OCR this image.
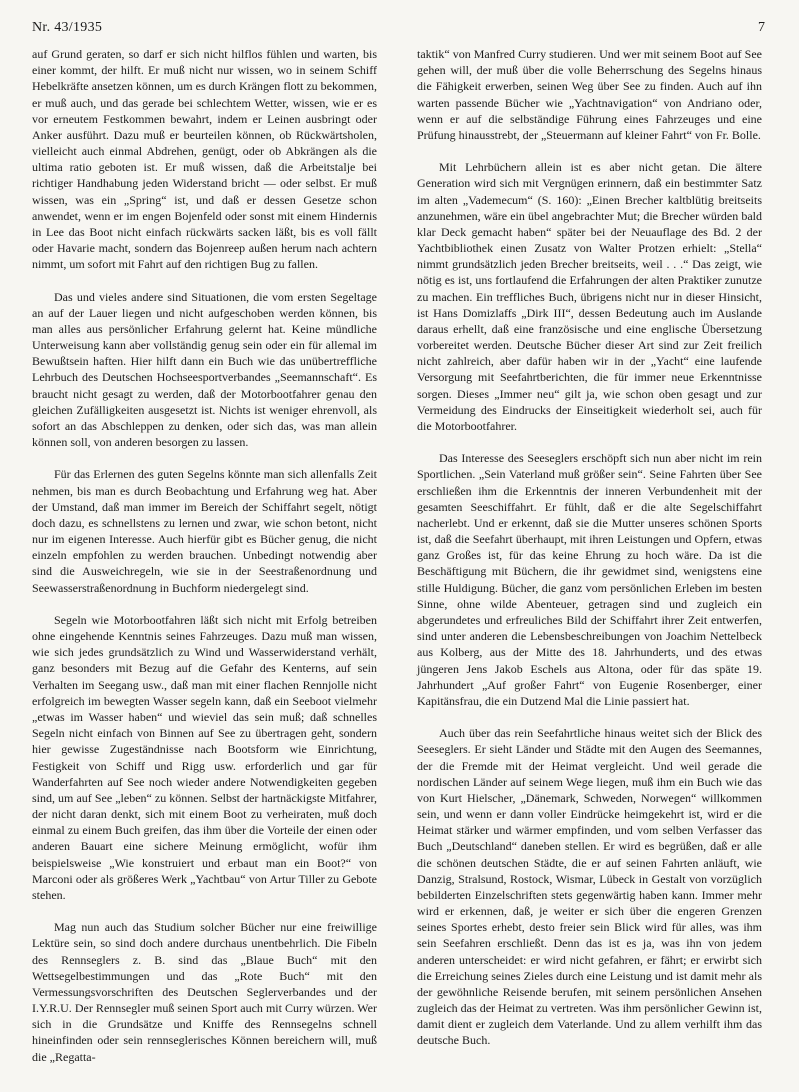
Nr. 43/1935	7

auf Grund geraten, so darf er sich nicht hilflos fühlen und warten, bis einer kommt, der hilft. Er muß nicht nur wissen, wo in seinem Schiff Hebelkräfte ansetzen können, um es durch Krängen flott zu bekommen, er muß auch, und das gerade bei schlechtem Wetter, wissen, wie er es vor erneutem Festkommen bewahrt, indem er Leinen ausbringt oder Anker ausführt. Dazu muß er beurteilen können, ob Rückwärtsholen, vielleicht auch einmal Abdrehen, genügt, oder ob Abkrängen als die ultima ratio geboten ist. Er muß wissen, daß die Arbeitstalje bei richtiger Handhabung jeden Widerstand bricht — oder selbst. Er muß wissen, was ein „Spring“ ist, und daß er dessen Gesetze schon anwendet, wenn er im engen Bojenfeld oder sonst mit einem Hindernis in Lee das Boot nicht einfach rückwärts sacken läßt, bis es voll fällt oder Havarie macht, sondern das Bojenreep außen herum nach achtern nimmt, um sofort mit Fahrt auf den richtigen Bug zu fallen.

Das und vieles andere sind Situationen, die vom ersten Segeltage an auf der Lauer liegen und nicht aufgeschoben werden können, bis man alles aus persönlicher Erfahrung gelernt hat. Keine mündliche Unterweisung kann aber vollständig genug sein oder ein für allemal im Bewußtsein haften. Hier hilft dann ein Buch wie das unübertreffliche Lehrbuch des Deutschen Hochseesportverbandes „Seemannschaft“. Es braucht nicht gesagt zu werden, daß der Motorbootfahrer genau den gleichen Zufälligkeiten ausgesetzt ist. Nichts ist weniger ehrenvoll, als sofort an das Abschleppen zu denken, oder sich das, was man allein können soll, von anderen besorgen zu lassen.

Für das Erlernen des guten Segelns könnte man sich allenfalls Zeit nehmen, bis man es durch Beobachtung und Erfahrung weg hat. Aber der Umstand, daß man immer im Bereich der Schiffahrt segelt, nötigt doch dazu, es schnellstens zu lernen und zwar, wie schon betont, nicht nur im eigenen Interesse. Auch hierfür gibt es Bücher genug, die nicht einzeln empfohlen zu werden brauchen. Unbedingt notwendig aber sind die Ausweichregeln, wie sie in der Seestraßenordnung und Seewasserstraßenordnung in Buchform niedergelegt sind.

Segeln wie Motorbootfahren läßt sich nicht mit Erfolg betreiben ohne eingehende Kenntnis seines Fahrzeuges. Dazu muß man wissen, wie sich jedes grundsätzlich zu Wind und Wasserwiderstand verhält, ganz besonders mit Bezug auf die Gefahr des Kenterns, auf sein Verhalten im Seegang usw., daß man mit einer flachen Rennjolle nicht erfolgreich im bewegten Wasser segeln kann, daß ein Seeboot vielmehr „etwas im Wasser haben“ und wieviel das sein muß; daß schnelles Segeln nicht einfach von Binnen auf See zu übertragen geht, sondern hier gewisse Zugeständnisse nach Bootsform wie Einrichtung, Festigkeit von Schiff und Rigg usw. erforderlich und gar für Wanderfahrten auf See noch wieder andere Notwendigkeiten gegeben sind, um auf See „leben“ zu können. Selbst der hartnäckigste Mitfahrer, der nicht daran denkt, sich mit einem Boot zu verheiraten, muß doch einmal zu einem Buch greifen, das ihm über die Vorteile der einen oder anderen Bauart eine sichere Meinung ermöglicht, wofür ihm beispielsweise „Wie konstruiert und erbaut man ein Boot?“ von Marconi oder als größeres Werk „Yachtbau“ von Artur Tiller zu Gebote stehen.

Mag nun auch das Studium solcher Bücher nur eine freiwillige Lektüre sein, so sind doch andere durchaus unentbehrlich. Die Fibeln des Rennseglers z. B. sind das „Blaue Buch“ mit den Wettsegelbestimmungen und das „Rote Buch“ mit den Vermessungsvorschriften des Deutschen Seglerverbandes und der I.Y.R.U. Der Rennsegler muß seinen Sport auch mit Curry würzen. Wer sich in die Grundsätze und Kniffe des Rennsegelns schnell hineinfinden oder sein rennseglerisches Können bereichern will, muß die „Regatta-

taktik“ von Manfred Curry studieren. Und wer mit seinem Boot auf See gehen will, der muß über die volle Beherrschung des Segelns hinaus die Fähigkeit erwerben, seinen Weg über See zu finden. Auch auf ihn warten passende Bücher wie „Yachtnavigation“ von Andriano oder, wenn er auf die selbständige Führung eines Fahrzeuges und eine Prüfung hinausstrebt, der „Steuermann auf kleiner Fahrt“ von Fr. Bolle.

Mit Lehrbüchern allein ist es aber nicht getan. Die ältere Generation wird sich mit Vergnügen erinnern, daß ein bestimmter Satz im alten „Vademecum“ (S. 160): „Einen Brecher kaltblütig breitseits anzunehmen, wäre ein übel angebrachter Mut; die Brecher würden bald klar Deck gemacht haben“ später bei der Neuauflage des Bd. 2 der Yachtbibliothek einen Zusatz von Walter Protzen erhielt: „Stella“ nimmt grundsätzlich jeden Brecher breitseits, weil . . .“ Das zeigt, wie nötig es ist, uns fortlaufend die Erfahrungen der alten Praktiker zunutze zu machen. Ein treffliches Buch, übrigens nicht nur in dieser Hinsicht, ist Hans Domizlaffs „Dirk III“, dessen Bedeutung auch im Auslande daraus erhellt, daß eine französische und eine englische Übersetzung vorbereitet werden. Deutsche Bücher dieser Art sind zur Zeit freilich nicht zahlreich, aber dafür haben wir in der „Yacht“ eine laufende Versorgung mit Seefahrtberichten, die für immer neue Erkenntnisse sorgen. Dieses „Immer neu“ gilt ja, wie schon oben gesagt und zur Vermeidung des Eindrucks der Einseitigkeit wiederholt sei, auch für die Motorbootfahrer.

Das Interesse des Seeseglers erschöpft sich nun aber nicht im rein Sportlichen. „Sein Vaterland muß größer sein“. Seine Fahrten über See erschließen ihm die Erkenntnis der inneren Verbundenheit mit der gesamten Seeschiffahrt. Er fühlt, daß er die alte Segelschiffahrt nacherlebt. Und er erkennt, daß sie die Mutter unseres schönen Sports ist, daß die Seefahrt überhaupt, mit ihren Leistungen und Opfern, etwas ganz Großes ist, für das keine Ehrung zu hoch wäre. Da ist die Beschäftigung mit Büchern, die ihr gewidmet sind, wenigstens eine stille Huldigung. Bücher, die ganz vom persönlichen Erleben im besten Sinne, ohne wilde Abenteuer, getragen sind und zugleich ein abgerundetes und erfreuliches Bild der Schiffahrt ihrer Zeit entwerfen, sind unter anderen die Lebensbeschreibungen von Joachim Nettelbeck aus Kolberg, aus der Mitte des 18. Jahrhunderts, und des etwas jüngeren Jens Jakob Eschels aus Altona, oder für das späte 19. Jahrhundert „Auf großer Fahrt“ von Eugenie Rosenberger, einer Kapitänsfrau, die ein Dutzend Mal die Linie passiert hat.

Auch über das rein Seefahrtliche hinaus weitet sich der Blick des Seeseglers. Er sieht Länder und Städte mit den Augen des Seemannes, der die Fremde mit der Heimat vergleicht. Und weil gerade die nordischen Länder auf seinem Wege liegen, muß ihm ein Buch wie das von Kurt Hielscher, „Dänemark, Schweden, Norwegen“ willkommen sein, und wenn er dann voller Eindrücke heimgekehrt ist, wird er die Heimat stärker und wärmer empfinden, und vom selben Verfasser das Buch „Deutschland“ daneben stellen. Er wird es begrüßen, daß er alle die schönen deutschen Städte, die er auf seinen Fahrten anläuft, wie Danzig, Stralsund, Rostock, Wismar, Lübeck in Gestalt von vorzüglich bebilderten Einzelschriften stets gegenwärtig haben kann. Immer mehr wird er erkennen, daß, je weiter er sich über die engeren Grenzen seines Sportes erhebt, desto freier sein Blick wird für alles, was ihm sein Seefahren erschließt. Denn das ist es ja, was ihn von jedem anderen unterscheidet: er wird nicht gefahren, er fährt; er erwirbt sich die Erreichung seines Zieles durch eine Leistung und ist damit mehr als der gewöhnliche Reisende berufen, mit seinem persönlichen Ansehen zugleich das der Heimat zu vertreten. Was ihm persönlicher Gewinn ist, damit dient er zugleich dem Vaterlande. Und zu allem verhilft ihm das deutsche Buch.
